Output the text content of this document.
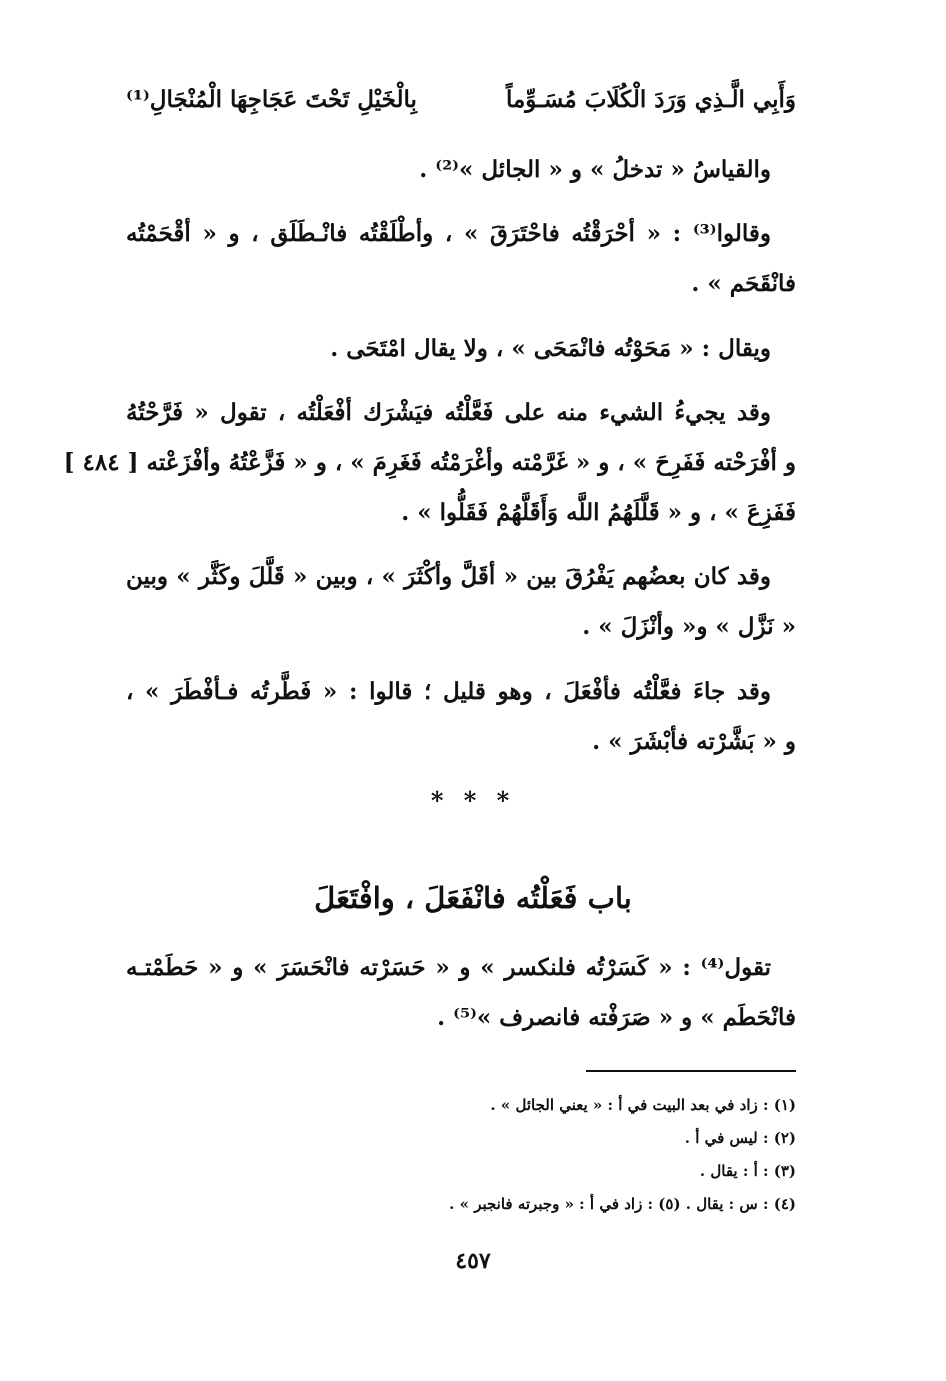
وَأَبِي الَّـذِي وَرَدَ الْكُلَابَ مُسَـوِّماً
بِالْخَيْلِ تَحْتَ عَجَاجِهَا الْمُنْجَالِ⁽¹⁾
والقياسُ « تدخلُ » و « الجائل »⁽²⁾ .
وقالوا⁽³⁾ : « أحْرَقْتُه فاحْتَرَقَ » ، وأطْلَقْتُه فانْـطَلَق ، و « أقْحَمْتُه
فانْقَحَم » .
ويقال : « مَحَوْتُه فانْمَحَى » ، ولا يقال امْتَحَى .
وقد يجيءُ الشيء منه على فَعَّلْتُه فيَشْرَك أفْعَلْتُه ، تقول « فَرَّحْتُهُ
و أفْرَحْته فَفَرِحَ » ، و « غَرَّمْته وأغْرَمْتُه فَغَرِمَ » ، و « فَزَّعْتُهُ وأفْزَعْته [ ٤٨٤ ]
فَفَزِعَ » ، و « قَلَّلَهُمُ اللَّه وَأَقَلَّهُمْ فَقَلُّوا » .
وقد كان بعضُهم يَفْرُقَ بين « أقَلَّ وأكْثَرَ » ، وبين « قَلَّلَ وكَثَّر » وبين
« نَزَّل » و« وأنْزَلَ » .
وقد جاءَ فعَّلْتُه فأفْعَلَ ، وهو قليل ؛ قالوا : « فَطَّرتُه فـأفْطَرَ » ،
و « بَشَّرْته فأبْشَرَ » .
* * *
باب فَعَلْتُه فانْفَعَلَ ، وافْتَعَلَ
تقول⁽⁴⁾ : « كَسَرْتُه فلنكسر » و « حَسَرْته فانْحَسَرَ » و « حَطَمْتـه
فانْحَطَم » و « صَرَفْته فانصرف »⁽⁵⁾ .
(١) : زاد في بعد البيت في أ : « يعني الجائل » .
(٢) : ليس في أ .
(٣) : أ : يقال .
(٤) : س : يقال . (٥) : زاد في أ : « وجبرته فانجبر » .
٤٥٧
